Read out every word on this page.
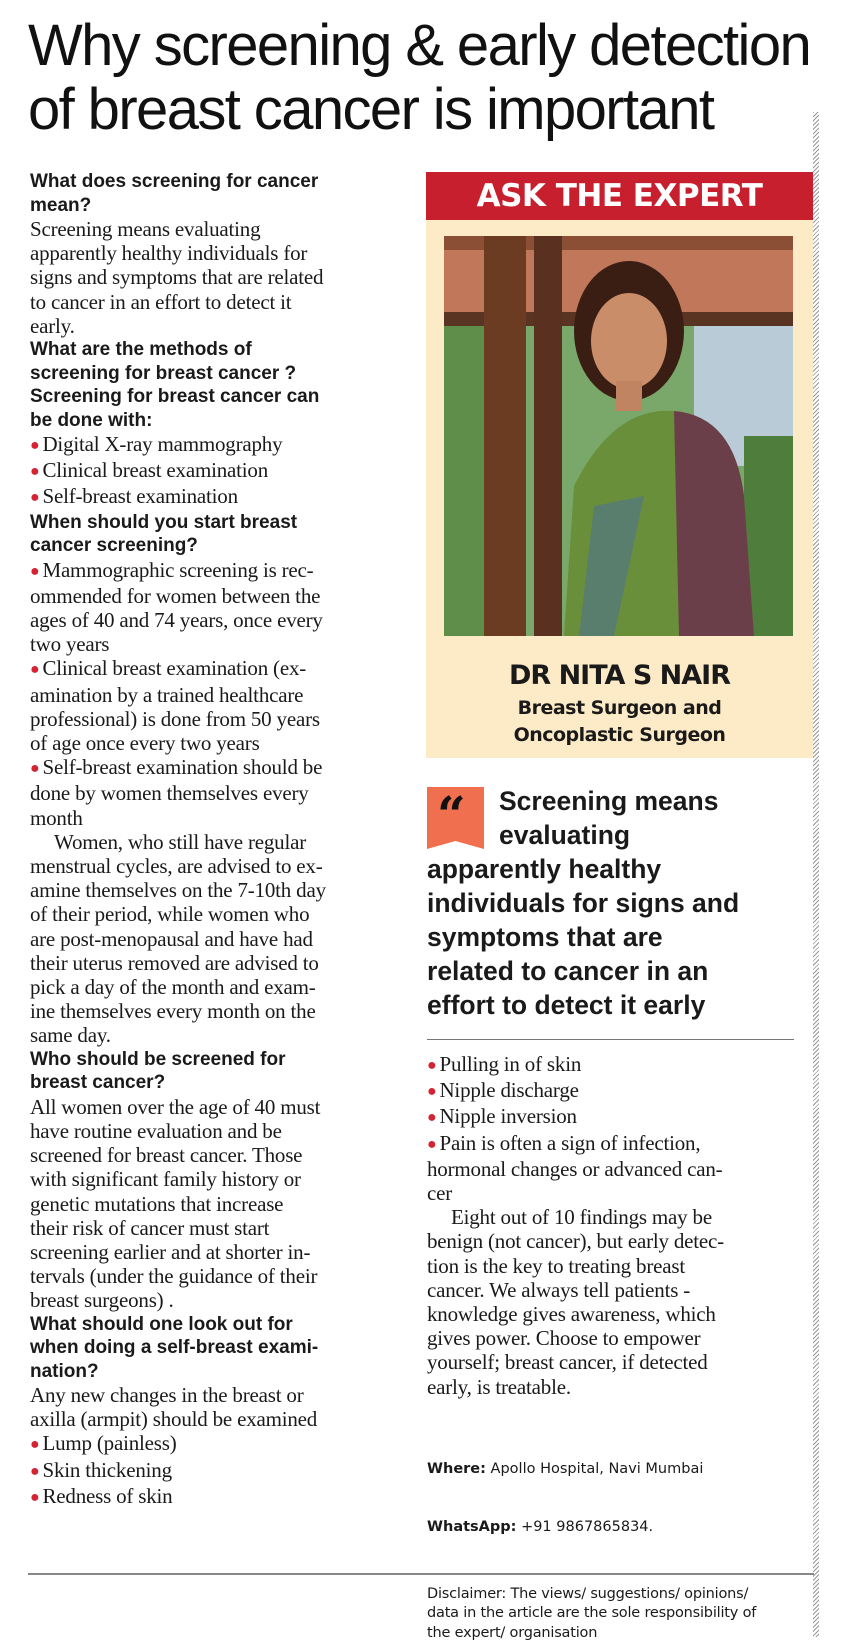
Why screening & early detection
of breast cancer is important
What does screening for cancer
mean?
Screening means evaluating
apparently healthy individuals for
signs and symptoms that are related
to cancer in an effort to detect it
early.
What are the methods of
screening for breast cancer ?
Screening for breast cancer can
be done with:
● Digital X-ray mammography
● Clinical breast examination
● Self-breast examination
When should you start breast
cancer screening?
● Mammographic screening is rec-
ommended for women between the
ages of 40 and 74 years, once every
two years
● Clinical breast examination (ex-
amination by a trained healthcare
professional) is done from 50 years
of age once every two years
● Self-breast examination should be
done by women themselves every
month
Women, who still have regular
menstrual cycles, are advised to ex-
amine themselves on the 7-10th day
of their period, while women who
are post-menopausal and have had
their uterus removed are advised to
pick a day of the month and exam-
ine themselves every month on the
same day.
Who should be screened for
breast cancer?
All women over the age of 40 must
have routine evaluation and be
screened for breast cancer. Those
with significant family history or
genetic mutations that increase
their risk of cancer must start
screening earlier and at shorter in-
tervals (under the guidance of their
breast surgeons) .
What should one look out for
when doing a self-breast exami-
nation?
Any new changes in the breast or
axilla (armpit) should be examined
● Lump (painless)
● Skin thickening
● Redness of skin
ASK THE EXPERT
DR NITA S NAIR
Breast Surgeon and
Oncoplastic Surgeon
“	Screening means
evaluating
apparently healthy
individuals for signs and
symptoms that are
related to cancer in an
effort to detect it early
● Pulling in of skin
● Nipple discharge
● Nipple inversion
● Pain is often a sign of infection,
hormonal changes or advanced can-
cer
Eight out of 10 findings may be
benign (not cancer), but early detec-
tion is the key to treating breast
cancer. We always tell patients -
knowledge gives awareness, which
gives power. Choose to empower
yourself; breast cancer, if detected
early, is treatable.

Where: Apollo Hospital, Navi Mumbai

WhatsApp: +91 9867865834.

Disclaimer: The views/ suggestions/ opinions/
data in the article are the sole responsibility of
the expert/ organisation
